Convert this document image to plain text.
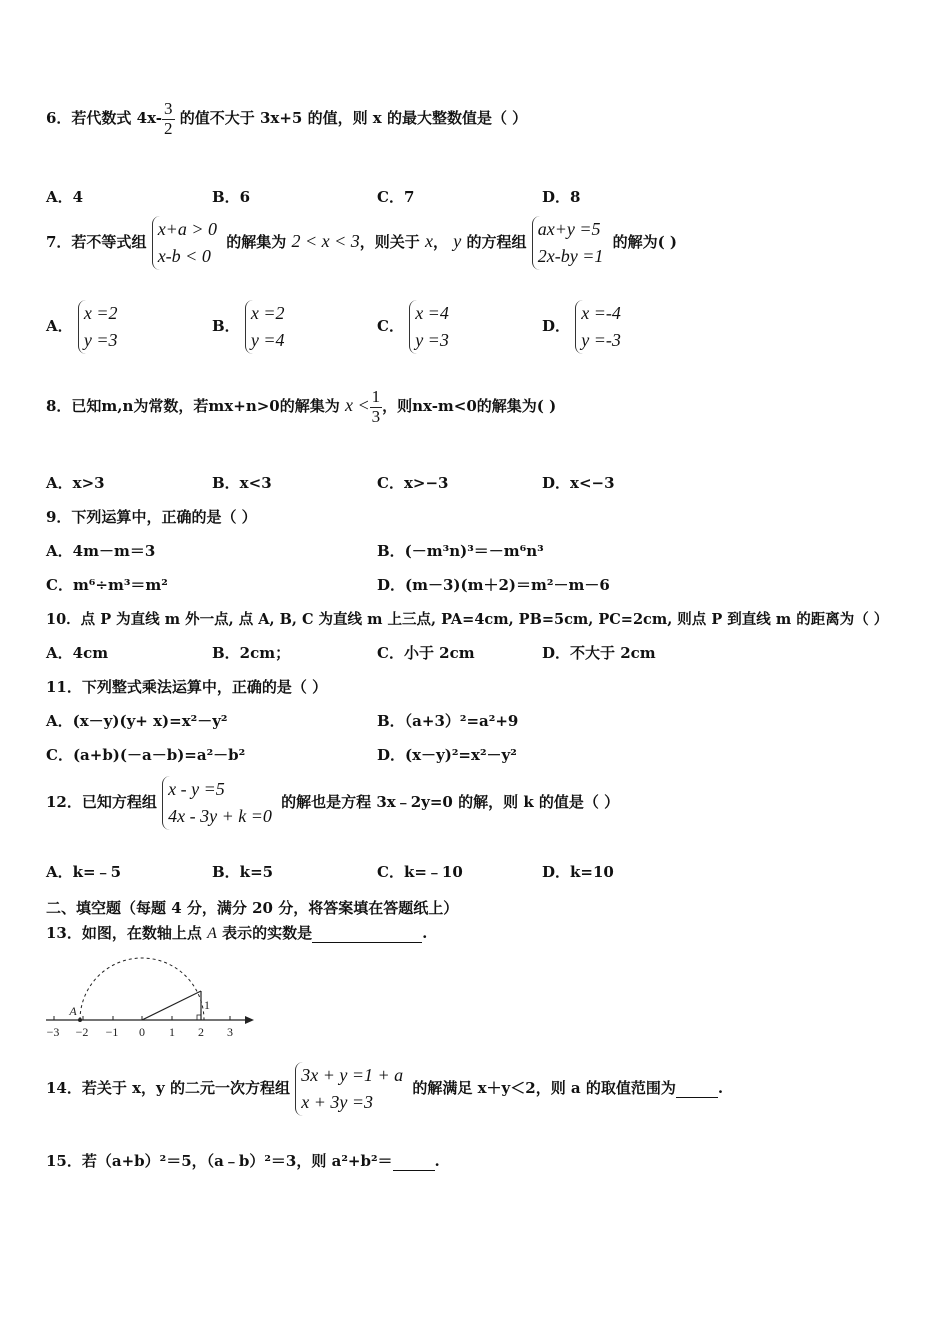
6．若代数式 $4x- \frac{3}{2}$ 的值不大于 3x+5 的值，则 x 的最大整数值是（ ）
A．4	B．6	C．7	D．8
7．若不等式组
x+a > 0
x-b < 0
的解集为 2 < x < 3，则关于 x， y 的方程组
ax+y =5
2x-by =1
的解为( )
A．
x =2
y =3
B．
x =2
y =4
C．
x =4
y =3
D．
x =-4
y =-3
8．已知m,n为常数，若mx+n>0的解集为 $x < \frac{1}{3}$ ，则nx-m<0的解集为( )
A．x>3	B．x<3	C．x>−3	D．x<−3
9．下列运算中，正确的是（ ）
A．4m－m＝3	B．(－m³n)³＝－m⁶n³
C．m⁶÷m³＝m²	D．(m－3)(m＋2)＝m²－m－6
10．点 P 为直线 m 外一点, 点 A, B, C 为直线 m 上三点, PA=4cm, PB=5cm, PC=2cm, 则点 P 到直线 m 的距离为（ ）
A．4cm	B．2cm；	C．小于 2cm	D．不大于 2cm
11．下列整式乘法运算中，正确的是（ ）
A．(x－y)(y+ x)=x²－y²	B．（a+3）²=a²+9
C．(a+b)(－a－b)=a²－b²	D．(x－y)²=x²－y²
12．已知方程组
x - y =5
4x - 3y + k =0
的解也是方程 3x﹣2y=0 的解，则 k 的值是（ ）
A．k=﹣5	B．k=5	C．k=﹣10	D．k=10
二、填空题（每题 4 分，满分 20 分，将答案填在答题纸上）
13．如图，在数轴上点 A 表示的实数是	.
−3 −2 −1 0 1 2 3
A	1
14．若关于 x，y 的二元一次方程组
3x + y =1 + a
x + 3y =3
的解满足 x＋y＜2，则 a 的取值范围为	.
15．若（a+b）²＝5，（a﹣b）²＝3，则 a²+b²＝	.
